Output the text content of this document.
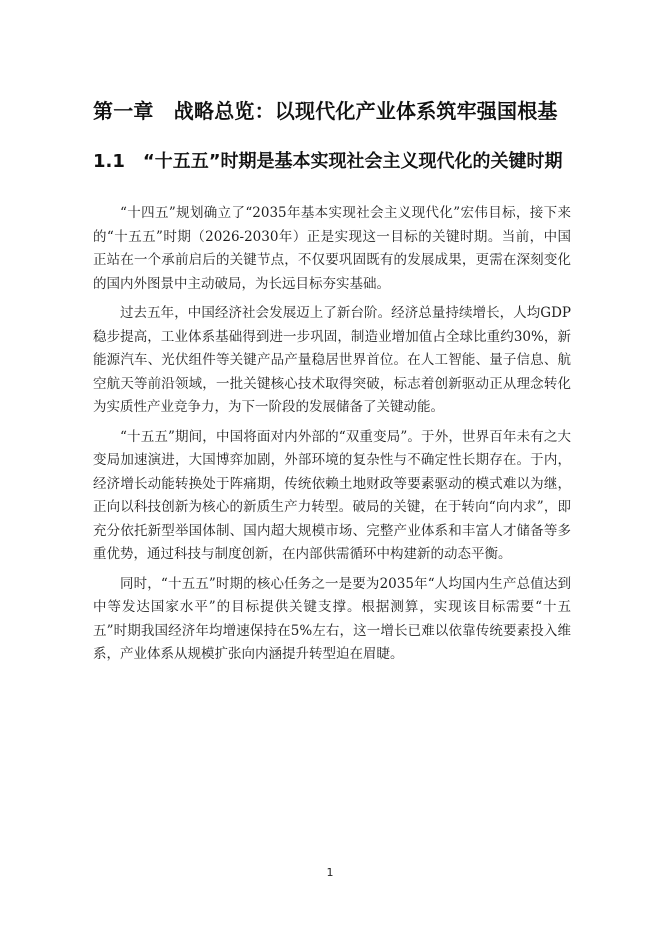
第一章　战略总览：以现代化产业体系筑牢强国根基
1.1　“十五五”时期是基本实现社会主义现代化的关键时期

“十四五”规划确立了“2035年基本实现社会主义现代化”宏伟目标，接下来的“十五五”时期（2026-2030年）正是实现这一目标的关键时期。当前，中国正站在一个承前启后的关键节点，不仅要巩固既有的发展成果，更需在深刻变化的国内外图景中主动破局，为长远目标夯实基础。

过去五年，中国经济社会发展迈上了新台阶。经济总量持续增长，人均GDP稳步提高，工业体系基础得到进一步巩固，制造业增加值占全球比重约30%，新能源汽车、光伏组件等关键产品产量稳居世界首位。在人工智能、量子信息、航空航天等前沿领域，一批关键核心技术取得突破，标志着创新驱动正从理念转化为实质性产业竞争力，为下一阶段的发展储备了关键动能。

“十五五”期间，中国将面对内外部的“双重变局”。于外，世界百年未有之大变局加速演进，大国博弈加剧，外部环境的复杂性与不确定性长期存在。于内，经济增长动能转换处于阵痛期，传统依赖土地财政等要素驱动的模式难以为继，正向以科技创新为核心的新质生产力转型。破局的关键，在于转向“向内求”，即充分依托新型举国体制、国内超大规模市场、完整产业体系和丰富人才储备等多重优势，通过科技与制度创新，在内部供需循环中构建新的动态平衡。

同时，“十五五”时期的核心任务之一是要为2035年“人均国内生产总值达到中等发达国家水平”的目标提供关键支撑。根据测算，实现该目标需要“十五五”时期我国经济年均增速保持在5%左右，这一增长已难以依靠传统要素投入维系，产业体系从规模扩张向内涵提升转型迫在眉睫。

1
